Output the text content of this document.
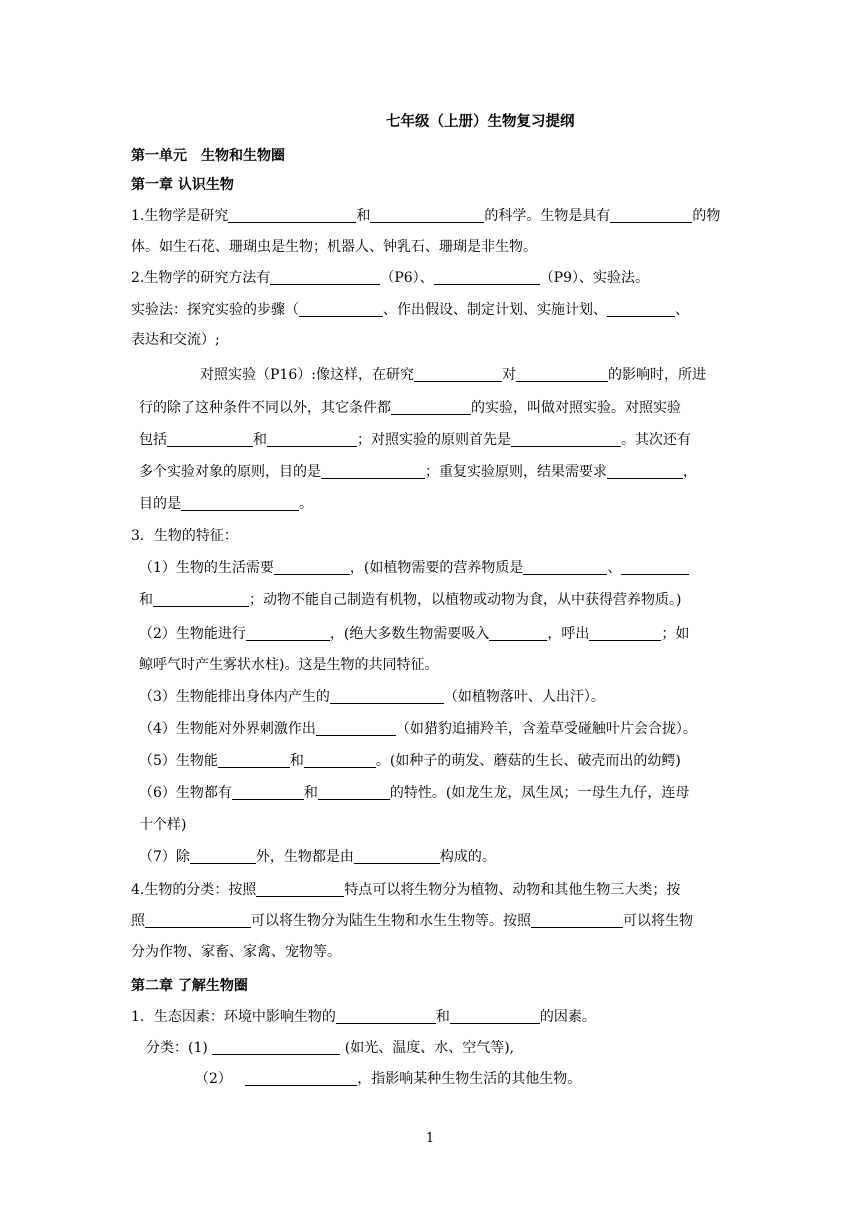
七年级（上册）生物复习提纲
第一单元　生物和生物圈
第一章 认识生物
1.生物学是研究	和	的科学。生物是具有	的物
体。如生石花、珊瑚虫是生物；机器人、钟乳石、珊瑚是非生物。
2.生物学的研究方法有	（P6）、	（P9）、实验法。
实验法：探究实验的步骤（	、作出假设、制定计划、实施计划、	、
表达和交流）;
对照实验（P16）:像这样，在研究	对	的影响时，所进
行的除了这种条件不同以外，其它条件都	的实验，叫做对照实验。对照实验
包括	和	；对照实验的原则首先是	。其次还有
多个实验对象的原则，目的是	；重复实验原则，结果需要求	，
目的是	。
3．生物的特征：
（1）生物的生活需要	，(如植物需要的营养物质是	、
和	；动物不能自己制造有机物，以植物或动物为食，从中获得营养物质。)
（2）生物能进行	，(绝大多数生物需要吸入	，呼出	；如
鲸呼气时产生雾状水柱)。这是生物的共同特征。
（3）生物能排出身体内产生的	（如植物落叶、人出汗）。
（4）生物能对外界刺激作出	（如猎豹追捕羚羊，含羞草受碰触叶片会合拢）。
（5）生物能	和	。(如种子的萌发、蘑菇的生长、破壳而出的幼鳄)
（6）生物都有	和	的特性。(如龙生龙，凤生凤；一母生九仔，连母
十个样)
（7）除	外，生物都是由	构成的。
4.生物的分类：按照	特点可以将生物分为植物、动物和其他生物三大类；按
照	可以将生物分为陆生生物和水生生物等。按照	可以将生物
分为作物、家畜、家禽、宠物等。
第二章 了解生物圈
1．生态因素：环境中影响生物的	和	的因素。
分类：(1)	(如光、温度、水、空气等),
（2）	，指影响某种生物生活的其他生物。
1
